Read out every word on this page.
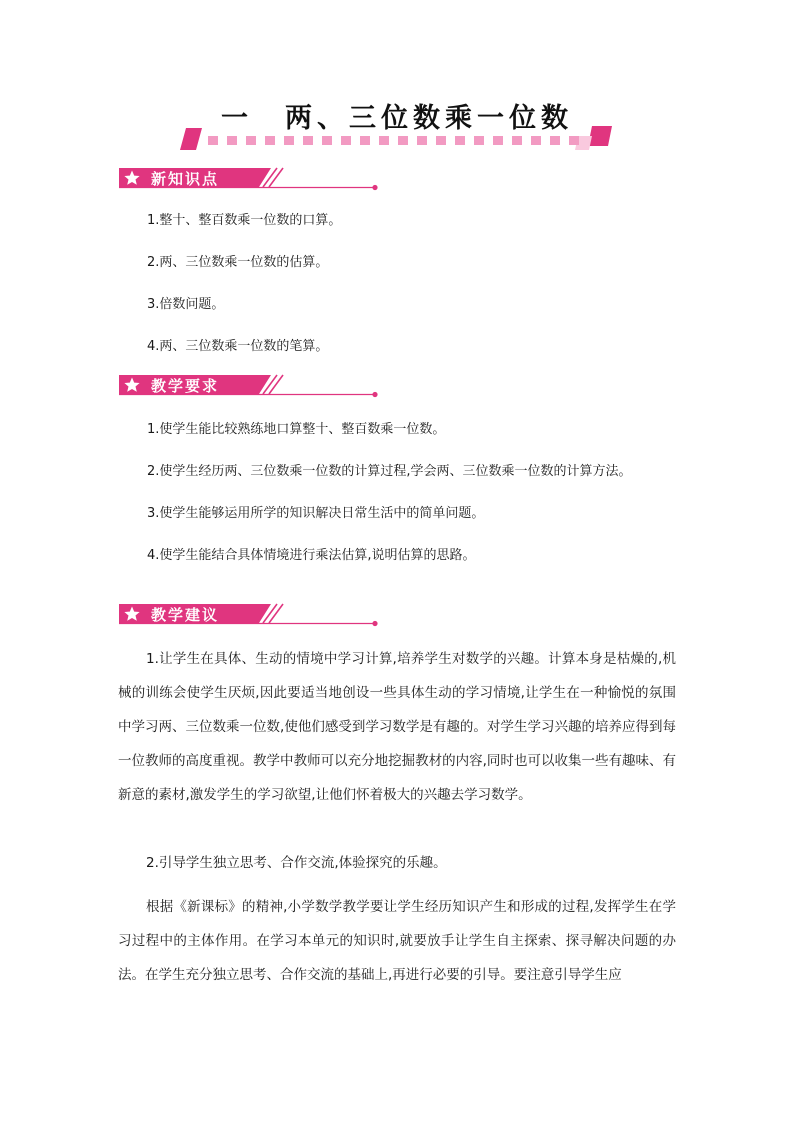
一　两、三位数乘一位数
新知识点
1.整十、整百数乘一位数的口算。
2.两、三位数乘一位数的估算。
3.倍数问题。
4.两、三位数乘一位数的笔算。
教学要求
1.使学生能比较熟练地口算整十、整百数乘一位数。
2.使学生经历两、三位数乘一位数的计算过程,学会两、三位数乘一位数的计算方法。
3.使学生能够运用所学的知识解决日常生活中的简单问题。
4.使学生能结合具体情境进行乘法估算,说明估算的思路。
教学建议

1.让学生在具体、生动的情境中学习计算,培养学生对数学的兴趣。计算本身是枯燥的,机械的训练会使学生厌烦,因此要适当地创设一些具体生动的学习情境,让学生在一种愉悦的氛围中学习两、三位数乘一位数,使他们感受到学习数学是有趣的。对学生学习兴趣的培养应得到每一位教师的高度重视。教学中教师可以充分地挖掘教材的内容,同时也可以收集一些有趣味、有新意的素材,激发学生的学习欲望,让他们怀着极大的兴趣去学习数学。

2.引导学生独立思考、合作交流,体验探究的乐趣。

根据《新课标》的精神,小学数学教学要让学生经历知识产生和形成的过程,发挥学生在学习过程中的主体作用。在学习本单元的知识时,就要放手让学生自主探索、探寻解决问题的办法。在学生充分独立思考、合作交流的基础上,再进行必要的引导。要注意引导学生应
